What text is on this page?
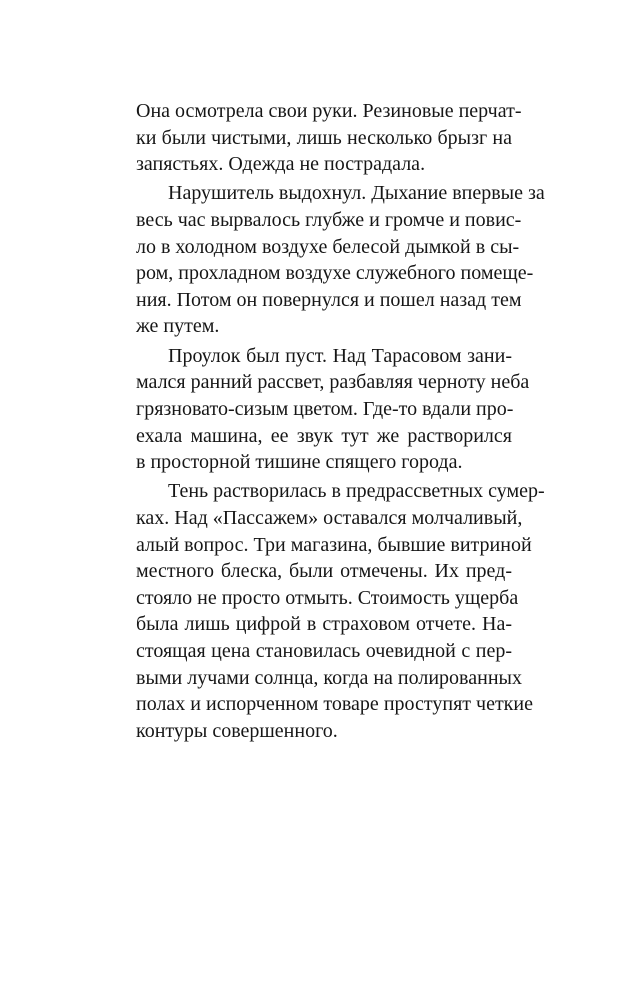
Она осмотрела свои руки. Резиновые перчат-
ки были чистыми, лишь несколько брызг на
запястьях. Одежда не пострадала.
Нарушитель выдохнул. Дыхание впервые за
весь час вырвалось глубже и громче и повис-
ло в холодном воздухе белесой дымкой в сы-
ром, прохладном воздухе служебного помеще-
ния. Потом он повернулся и пошел назад тем
же путем.
Проулок был пуст. Над Тарасовом зани-
мался ранний рассвет, разбавляя черноту неба
грязновато-сизым цветом. Где-то вдали про-
ехала машина, ее звук тут же растворился
в просторной тишине спящего города.
Тень растворилась в предрассветных сумер-
ках. Над «Пассажем» оставался молчаливый,
алый вопрос. Три магазина, бывшие витриной
местного блеска, были отмечены. Их пред-
стояло не просто отмыть. Стоимость ущерба
была лишь цифрой в страховом отчете. На-
стоящая цена становилась очевидной с пер-
выми лучами солнца, когда на полированных
полах и испорченном товаре проступят четкие
контуры совершенного.
